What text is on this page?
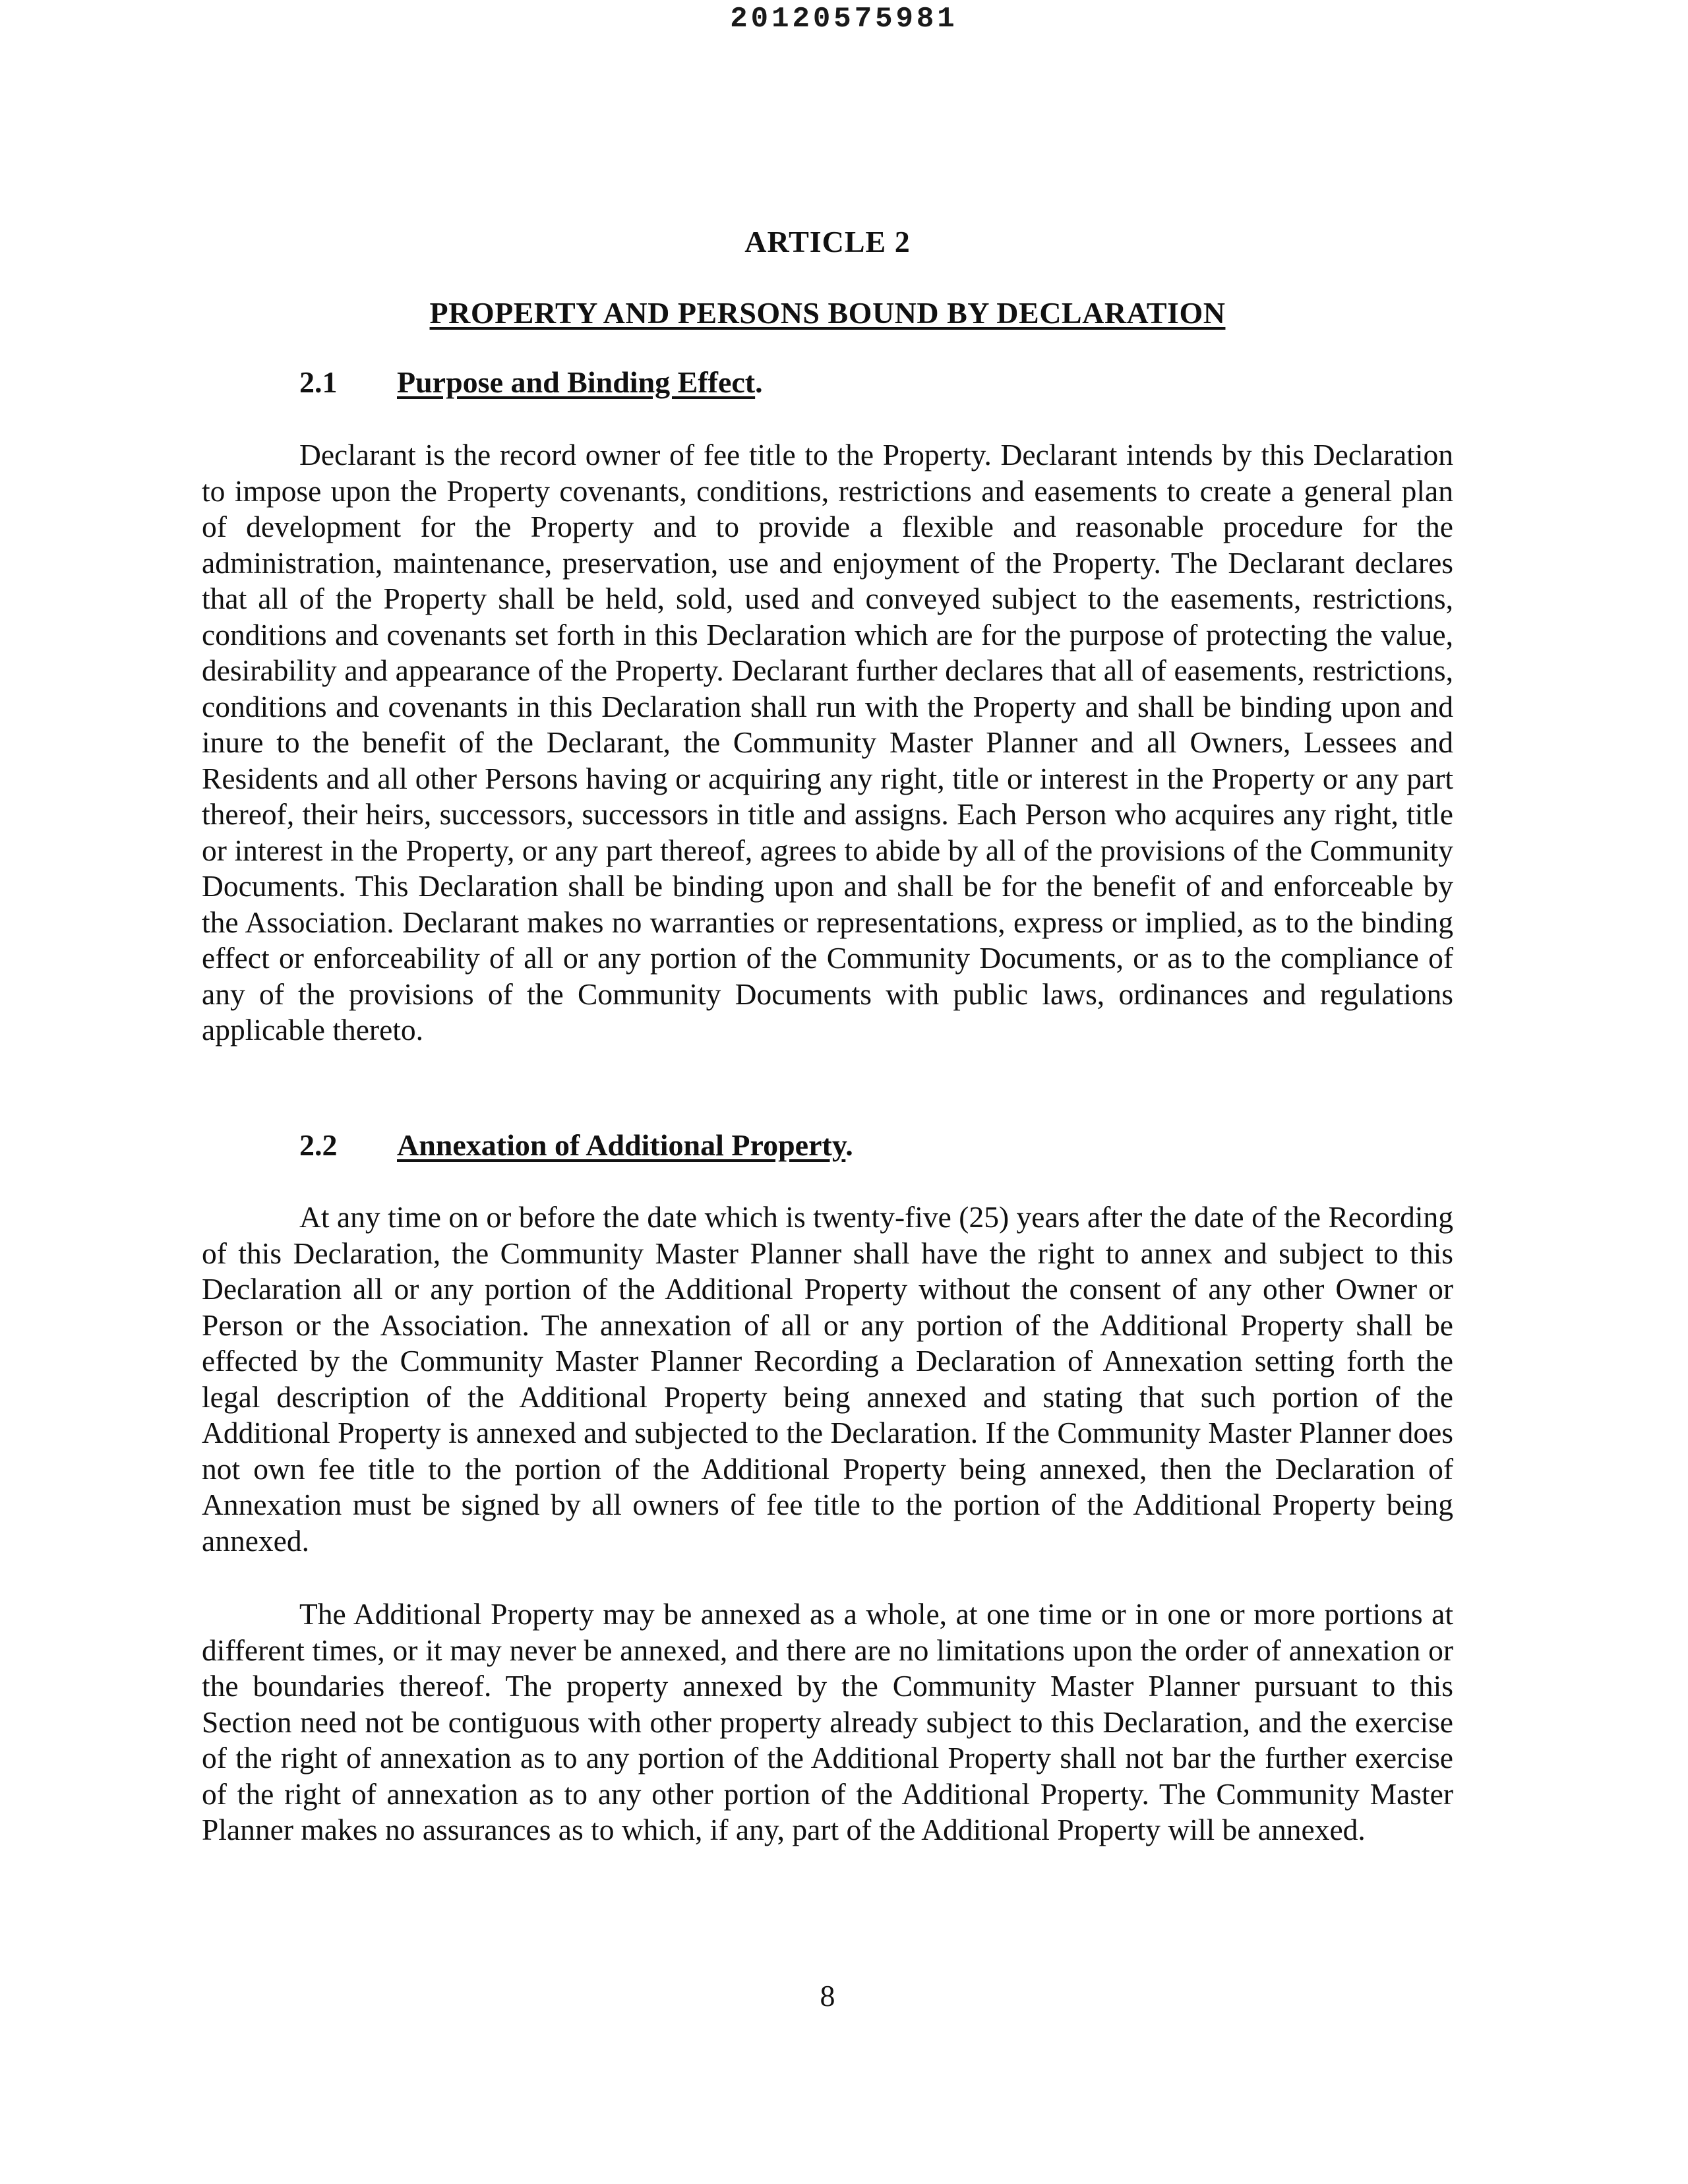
20120575981
ARTICLE 2
PROPERTY AND PERSONS BOUND BY DECLARATION
2.1 Purpose and Binding Effect.

Declarant is the record owner of fee title to the Property. Declarant intends by this Declaration to impose upon the Property covenants, conditions, restrictions and easements to create a general plan of development for the Property and to provide a flexible and reasonable procedure for the administration, maintenance, preservation, use and enjoyment of the Property. The Declarant declares that all of the Property shall be held, sold, used and conveyed subject to the easements, restrictions, conditions and covenants set forth in this Declaration which are for the purpose of protecting the value, desirability and appearance of the Property. Declarant further declares that all of easements, restrictions, conditions and covenants in this Declaration shall run with the Property and shall be binding upon and inure to the benefit of the Declarant, the Community Master Planner and all Owners, Lessees and Residents and all other Persons having or acquiring any right, title or interest in the Property or any part thereof, their heirs, successors, successors in title and assigns. Each Person who acquires any right, title or interest in the Property, or any part thereof, agrees to abide by all of the provisions of the Community Documents. This Declaration shall be binding upon and shall be for the benefit of and enforceable by the Association. Declarant makes no warranties or representations, express or implied, as to the binding effect or enforceability of all or any portion of the Community Documents, or as to the compliance of any of the provisions of the Community Documents with public laws, ordinances and regulations applicable thereto.

2.2 Annexation of Additional Property.

At any time on or before the date which is twenty-five (25) years after the date of the Recording of this Declaration, the Community Master Planner shall have the right to annex and subject to this Declaration all or any portion of the Additional Property without the consent of any other Owner or Person or the Association. The annexation of all or any portion of the Additional Property shall be effected by the Community Master Planner Recording a Declaration of Annexation setting forth the legal description of the Additional Property being annexed and stating that such portion of the Additional Property is annexed and subjected to the Declaration. If the Community Master Planner does not own fee title to the portion of the Additional Property being annexed, then the Declaration of Annexation must be signed by all owners of fee title to the portion of the Additional Property being annexed.

The Additional Property may be annexed as a whole, at one time or in one or more portions at different times, or it may never be annexed, and there are no limitations upon the order of annexation or the boundaries thereof. The property annexed by the Community Master Planner pursuant to this Section need not be contiguous with other property already subject to this Declaration, and the exercise of the right of annexation as to any portion of the Additional Property shall not bar the further exercise of the right of annexation as to any other portion of the Additional Property. The Community Master Planner makes no assurances as to which, if any, part of the Additional Property will be annexed.

8
